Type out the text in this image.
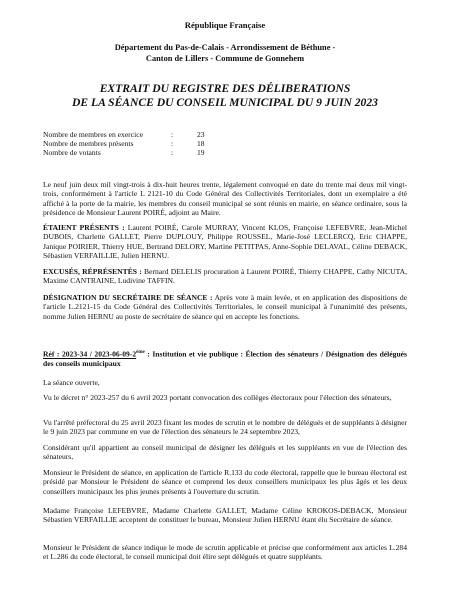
République Française
Département du Pas-de-Calais - Arrondissement de Béthune -
Canton de Lillers - Commune de Gonnehem
EXTRAIT DU REGISTRE DES DÉLIBERATIONS
DE LA SÉANCE DU CONSEIL MUNICIPAL DU 9 JUIN 2023
Nombre de membres en exercice	:	23
Nombre de membres présents	:	18
Nombre de votants	:	19

Le neuf juin deux mil vingt-trois à dix-huit heures trente, légalement convoqué en date du trente mai deux mil vingt-trois, conformément à l'article L 2121-10 du Code Général des Collectivités Territoriales, dont un exemplaire a été affiché à la porte de la mairie, les membres du conseil municipal se sont réunis en mairie, en séance ordinaire, sous la présidence de Monsieur Laurent POIRÉ, adjoint au Maire.

ÉTAIENT PRÉSENTS : Laurent POIRÉ, Carole MURRAY, Vincent KLOS, Françoise LEFEBVRE, Jean-Michel DUBOIS, Charlette GALLET, Pierre DUPLOUY, Philippe ROUSSEL, Marie-José LECLERCQ, Eric CHAPPE, Janique POIRIER, Thierry HUE, Bertrand DELORY, Martine PETITPAS, Anne-Sophie DELAVAL, Céline DEBACK, Sébastien VERFAILLIE, Julien HERNU.

EXCUSÉS, RÉPRÉSENTÉS : Bernard DELELIS procuration à Laurent POIRÉ, Thierry CHAPPE, Cathy NICUTA, Maxime CANTRAINE, Ludivine TAFFIN.

DÉSIGNATION DU SECRÉTAIRE DE SÉANCE : Après vote à main levée, et en application des dispositions de l'article L.2121-15 du Code Général des Collectivités Territoriales, le conseil municipal à l'unanimité des présents, nomme Julien HERNU au poste de secrétaire de séance qui en accepte les fonctions.

Réf : 2023-34 / 2023-06-09-2ème : Institution et vie publique : Élection des sénateurs / Désignation des délégués des conseils municipaux

La séance ouverte,

Vu le décret n° 2023-257 du 6 avril 2023 portant convocation des collèges électoraux pour l'élection des sénateurs,

Vu l'arrêté préfectoral du 25 avril 2023 fixant les modes de scrutin et le nombre de délégués et de suppléants à désigner le 9 juin 2023 par commune en vue de l'élection des sénateurs le 24 septembre 2023,

Considérant qu'il appartient au conseil municipal de désigner les délégués et les suppléants en vue de l'élection des sénateurs,

Monsieur le Président de séance, en application de l'article R.133 du code électoral, rappelle que le bureau électoral est présidé par Monsieur le Président de séance et comprend les deux conseillers municipaux les plus âgés et les deux conseillers municipaux les plus jeunes présents à l'ouverture du scrutin.

Madame Françoise LEFEBVRE, Madame Charlette GALLET, Madame Céline KROKOS-DEBACK, Monsieur Sébastien VERFAILLIE acceptent de constituer le bureau, Monsieur Julien HERNU étant élu Secrétaire de séance.

Monsieur le Président de séance indique le mode de scrutin applicable et précise que conformément aux articles L.284 et L.286 du code électoral, le conseil municipal doit élire sept délégués et quatre suppléants.
